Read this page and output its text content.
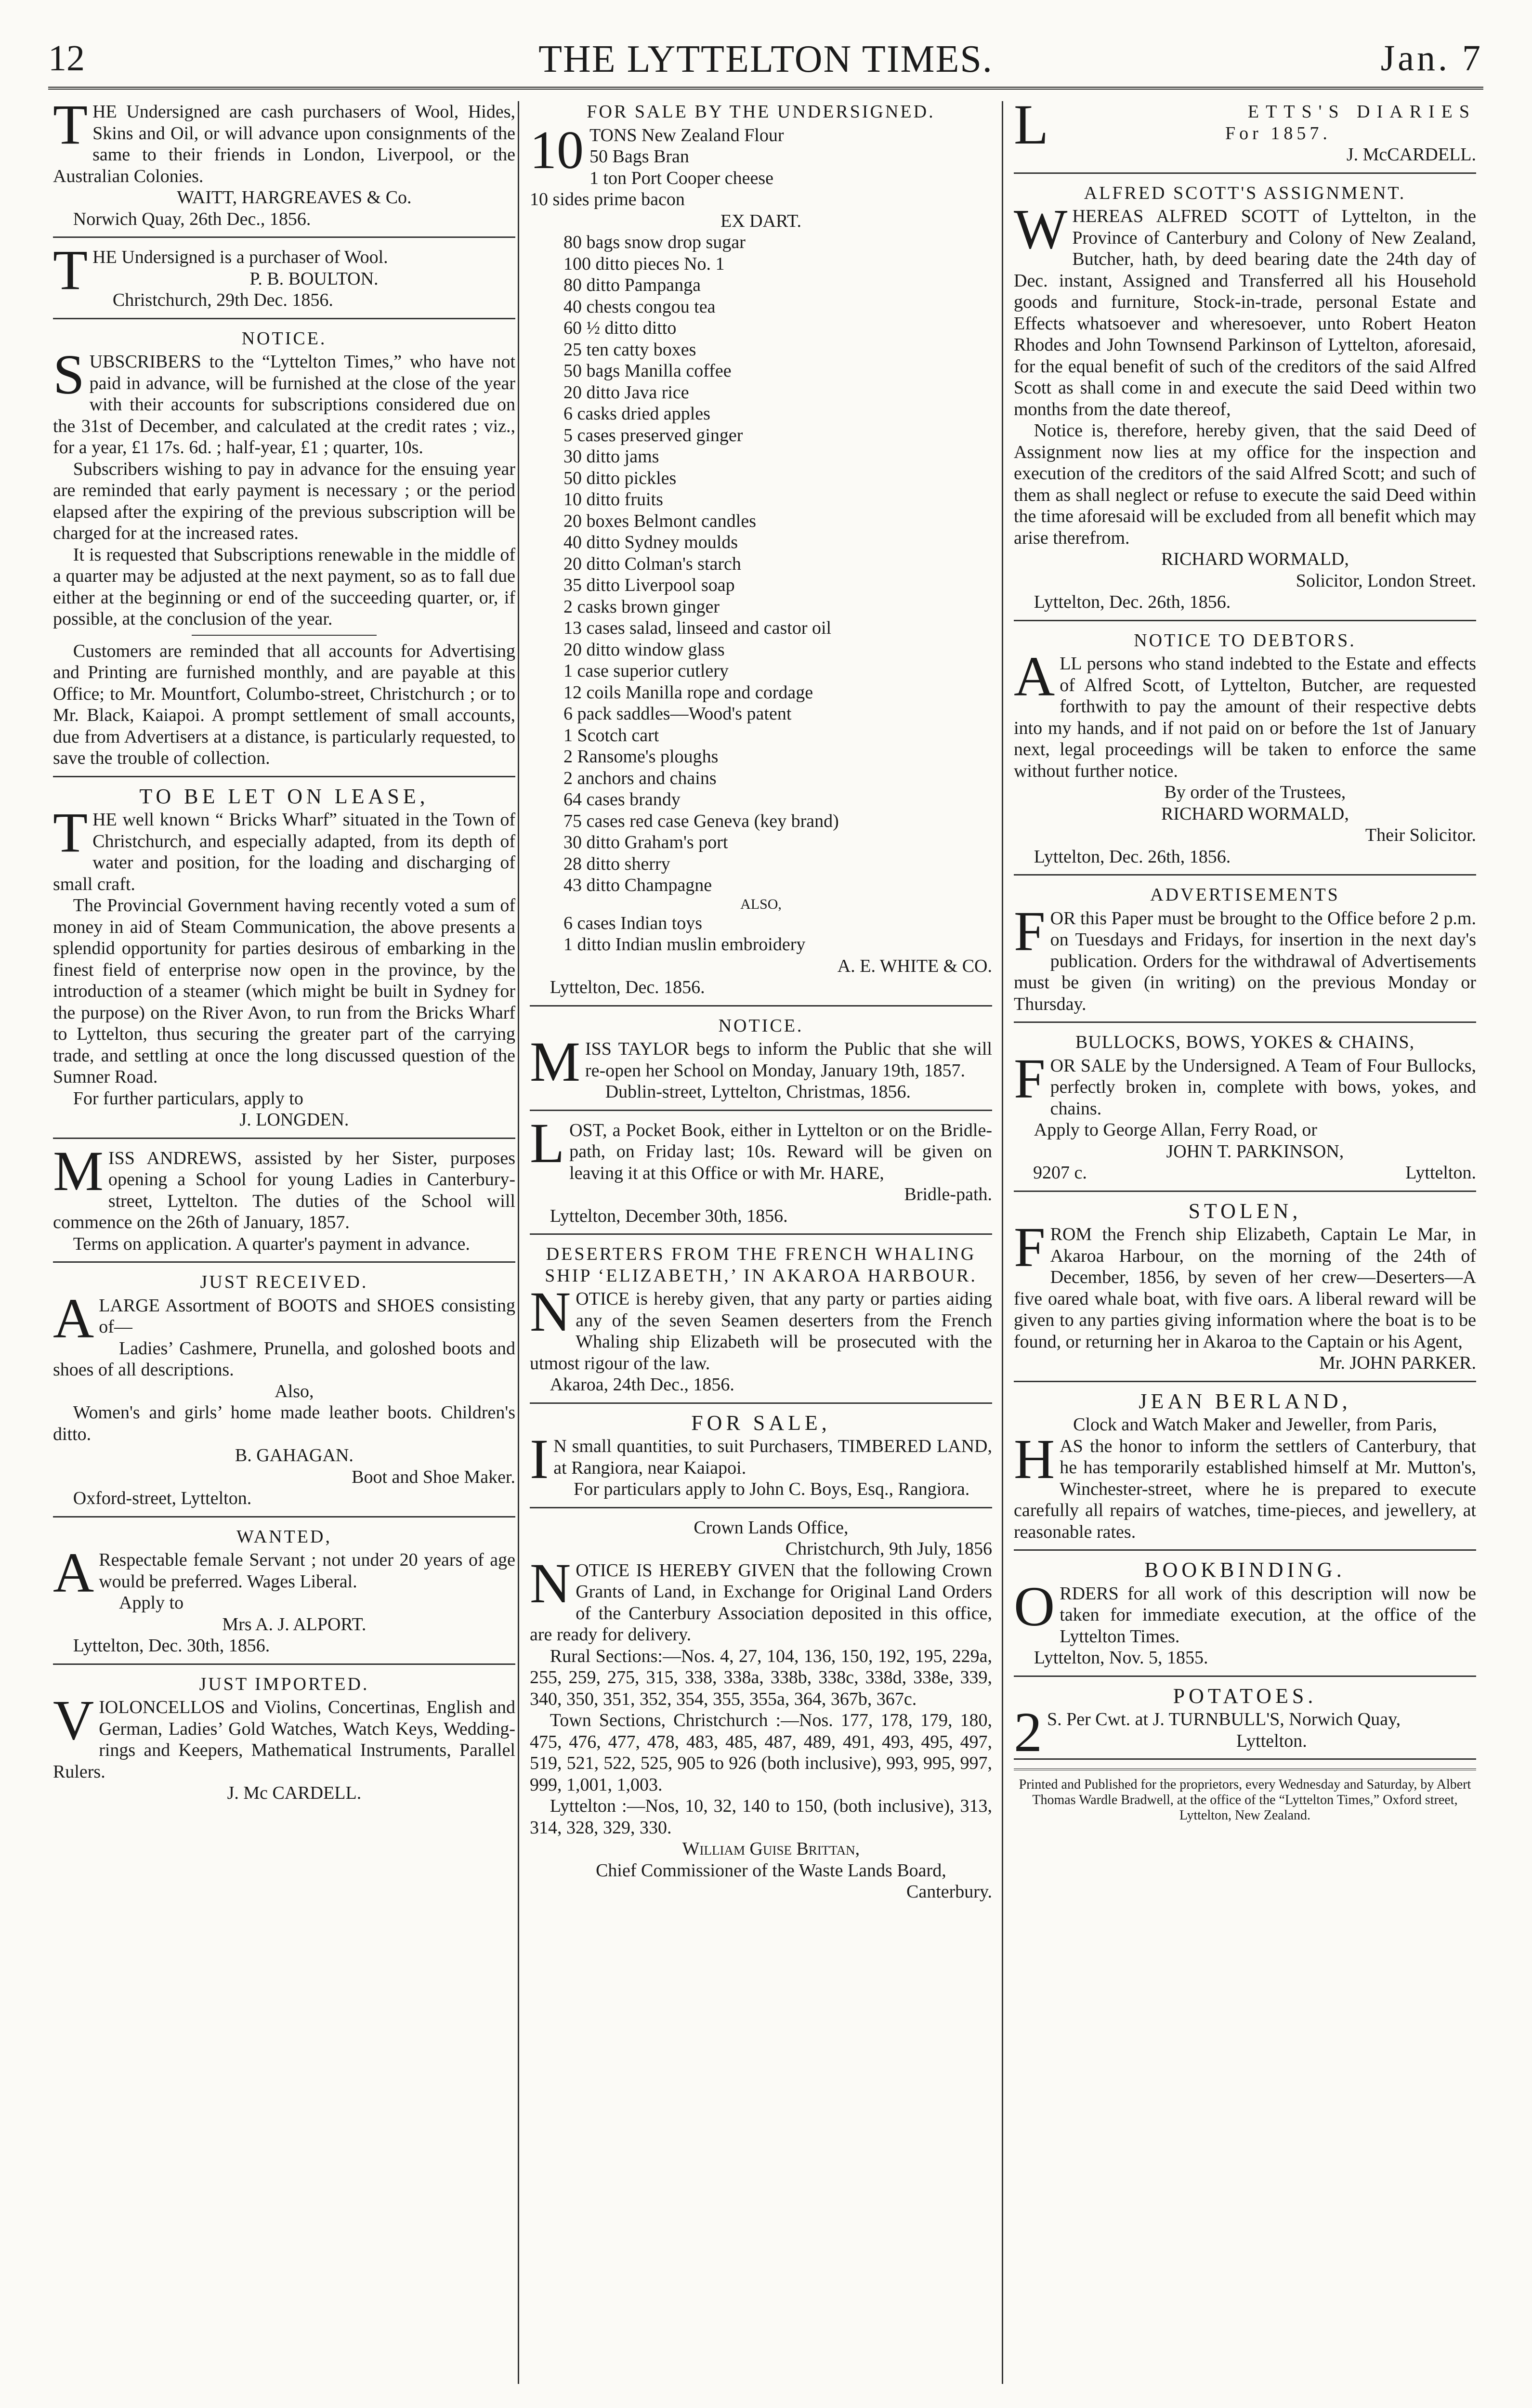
12	THE LYTTELTON TIMES.	Jan. 7

THE Undersigned are cash purchasers of Wool, Hides, Skins and Oil, or will advance upon consignments of the same to their friends in London, Liverpool, or the Australian Colonies.

WAITT, HARGREAVES & Co.

Norwich Quay, 26th Dec., 1856.

THE Undersigned is a purchaser of Wool.

P. B. BOULTON.

Christchurch, 29th Dec. 1856.

NOTICE.

SUBSCRIBERS to the “Lyttelton Times,” who have not paid in advance, will be furnished at the close of the year with their accounts for subscriptions considered due on the 31st of December, and calculated at the credit rates ; viz., for a year, £1 17s. 6d. ; half-year, £1 ; quarter, 10s.

Subscribers wishing to pay in advance for the ensuing year are reminded that early payment is necessary ; or the period elapsed after the expiring of the previous subscription will be charged for at the increased rates.

It is requested that Subscriptions renewable in the middle of a quarter may be adjusted at the next payment, so as to fall due either at the beginning or end of the succeeding quarter, or, if possible, at the conclusion of the year.

Customers are reminded that all accounts for Advertising and Printing are furnished monthly, and are payable at this Office; to Mr. Mountfort, Columbo-street, Christchurch ; or to Mr. Black, Kaiapoi. A prompt settlement of small accounts, due from Advertisers at a distance, is particularly requested, to save the trouble of collection.

TO BE LET ON LEASE,

THE well known “ Bricks Wharf” situated in the Town of Christchurch, and especially adapted, from its depth of water and position, for the loading and discharging of small craft.

The Provincial Government having recently voted a sum of money in aid of Steam Communication, the above presents a splendid opportunity for parties desirous of embarking in the finest field of enterprise now open in the province, by the introduction of a steamer (which might be built in Sydney for the purpose) on the River Avon, to run from the Bricks Wharf to Lyttelton, thus securing the greater part of the carrying trade, and settling at once the long discussed question of the Sumner Road.

For further particulars, apply to

J. LONGDEN.

MISS ANDREWS, assisted by her Sister, purposes opening a School for young Ladies in Canterbury-street, Lyttelton. The duties of the School will commence on the 26th of January, 1857.

Terms on application. A quarter's payment in advance.

JUST RECEIVED.

ALARGE Assortment of BOOTS and SHOES consisting of—

Ladies’ Cashmere, Prunella, and goloshed boots and shoes of all descriptions.

Also,

Women's and girls’ home made leather boots. Children's ditto.

B. GAHAGAN.

Boot and Shoe Maker.

Oxford-street, Lyttelton.

WANTED,

ARespectable female Servant ; not under 20 years of age would be preferred. Wages Liberal.

Apply to

Mrs A. J. ALPORT.

Lyttelton, Dec. 30th, 1856.

JUST IMPORTED.

VIOLONCELLOS and Violins, Concertinas, English and German, Ladies’ Gold Watches, Watch Keys, Wedding-rings and Keepers, Mathematical Instruments, Parallel Rulers.

J. Mc CARDELL.

FOR SALE BY THE UNDERSIGNED.
10 TONS New Zealand Flour
50 Bags Bran
1 ton Port Cooper cheese
10 sides prime bacon
EX DART.
80 bags snow drop sugar
100 ditto pieces No. 1
80 ditto Pampanga
40 chests congou tea
60 ½ ditto ditto
25 ten catty boxes
50 bags Manilla coffee
20 ditto Java rice
6 casks dried apples
5 cases preserved ginger
30 ditto jams
50 ditto pickles
10 ditto fruits
20 boxes Belmont candles
40 ditto Sydney moulds
20 ditto Colman's starch
35 ditto Liverpool soap
2 casks brown ginger
13 cases salad, linseed and castor oil
20 ditto window glass
1 case superior cutlery
12 coils Manilla rope and cordage
6 pack saddles—Wood's patent
1 Scotch cart
2 Ransome's ploughs
2 anchors and chains
64 cases brandy
75 cases red case Geneva (key brand)
30 ditto Graham's port
28 ditto sherry
43 ditto Champagne
ALSO,
6 cases Indian toys
1 ditto Indian muslin embroidery

A. E. WHITE & CO.

Lyttelton, Dec. 1856.

NOTICE.

MISS TAYLOR begs to inform the Public that she will re-open her School on Monday, January 19th, 1857.

Dublin-street, Lyttelton, Christmas, 1856.

LOST, a Pocket Book, either in Lyttelton or on the Bridle-path, on Friday last; 10s. Reward will be given on leaving it at this Office or with Mr. HARE,

Bridle-path.

Lyttelton, December 30th, 1856.

DESERTERS FROM THE FRENCH WHALING SHIP ‘ELIZABETH,’ IN AKAROA HARBOUR.

NOTICE is hereby given, that any party or parties aiding any of the seven Seamen deserters from the French Whaling ship Elizabeth will be prosecuted with the utmost rigour of the law.

Akaroa, 24th Dec., 1856.

FOR SALE,

IN small quantities, to suit Purchasers, TIMBERED LAND, at Rangiora, near Kaiapoi.

For particulars apply to John C. Boys, Esq., Rangiora.

Crown Lands Office,

Christchurch, 9th July, 1856

NOTICE IS HEREBY GIVEN that the following Crown Grants of Land, in Exchange for Original Land Orders of the Canterbury Association deposited in this office, are ready for delivery.

Rural Sections:—Nos. 4, 27, 104, 136, 150, 192, 195, 229a, 255, 259, 275, 315, 338, 338a, 338b, 338c, 338d, 338e, 339, 340, 350, 351, 352, 354, 355, 355a, 364, 367b, 367c.

Town Sections, Christchurch :—Nos. 177, 178, 179, 180, 475, 476, 477, 478, 483, 485, 487, 489, 491, 493, 495, 497, 519, 521, 522, 525, 905 to 926 (both inclusive), 993, 995, 997, 999, 1,001, 1,003.

Lyttelton :—Nos, 10, 32, 140 to 150, (both inclusive), 313, 314, 328, 329, 330.

William Guise Brittan,

Chief Commissioner of the Waste Lands Board,

Canterbury.

LETTS'S DIARIES

For 1857.

J. McCARDELL.

ALFRED SCOTT'S ASSIGNMENT.

WHEREAS ALFRED SCOTT of Lyttelton, in the Province of Canterbury and Colony of New Zealand, Butcher, hath, by deed bearing date the 24th day of Dec. instant, Assigned and Transferred all his Household goods and furniture, Stock-in-trade, personal Estate and Effects whatsoever and wheresoever, unto Robert Heaton Rhodes and John Townsend Parkinson of Lyttelton, aforesaid, for the equal benefit of such of the creditors of the said Alfred Scott as shall come in and execute the said Deed within two months from the date thereof,

Notice is, therefore, hereby given, that the said Deed of Assignment now lies at my office for the inspection and execution of the creditors of the said Alfred Scott; and such of them as shall neglect or refuse to execute the said Deed within the time aforesaid will be excluded from all benefit which may arise therefrom.

RICHARD WORMALD,

Solicitor, London Street.

Lyttelton, Dec. 26th, 1856.

NOTICE TO DEBTORS.

ALL persons who stand indebted to the Estate and effects of Alfred Scott, of Lyttelton, Butcher, are requested forthwith to pay the amount of their respective debts into my hands, and if not paid on or before the 1st of January next, legal proceedings will be taken to enforce the same without further notice.

By order of the Trustees,

RICHARD WORMALD,

Their Solicitor.

Lyttelton, Dec. 26th, 1856.

ADVERTISEMENTS

FOR this Paper must be brought to the Office before 2 p.m. on Tuesdays and Fridays, for insertion in the next day's publication. Orders for the withdrawal of Advertisements must be given (in writing) on the previous Monday or Thursday.

BULLOCKS, BOWS, YOKES & CHAINS,

FOR SALE by the Undersigned. A Team of Four Bullocks, perfectly broken in, complete with bows, yokes, and chains.

Apply to George Allan, Ferry Road, or

JOHN T. PARKINSON,

9207 c.	Lyttelton.
STOLEN,

FROM the French ship Elizabeth, Captain Le Mar, in Akaroa Harbour, on the morning of the 24th of December, 1856, by seven of her crew—Deserters—A five oared whale boat, with five oars. A liberal reward will be given to any parties giving information where the boat is to be found, or returning her in Akaroa to the Captain or his Agent,

Mr. JOHN PARKER.

JEAN BERLAND,

Clock and Watch Maker and Jeweller, from Paris,

HAS the honor to inform the settlers of Canterbury, that he has temporarily established himself at Mr. Mutton's, Winchester-street, where he is prepared to execute carefully all repairs of watches, time-pieces, and jewellery, at reasonable rates.

BOOKBINDING.

ORDERS for all work of this description will now be taken for immediate execution, at the office of the Lyttelton Times.

Lyttelton, Nov. 5, 1855.

POTATOES.

2S. Per Cwt. at J. TURNBULL'S, Norwich Quay,

Lyttelton.

Printed and Published for the proprietors, every Wednesday and Saturday, by Albert Thomas Wardle Bradwell, at the office of the “Lyttelton Times,” Oxford street, Lyttelton, New Zealand.
